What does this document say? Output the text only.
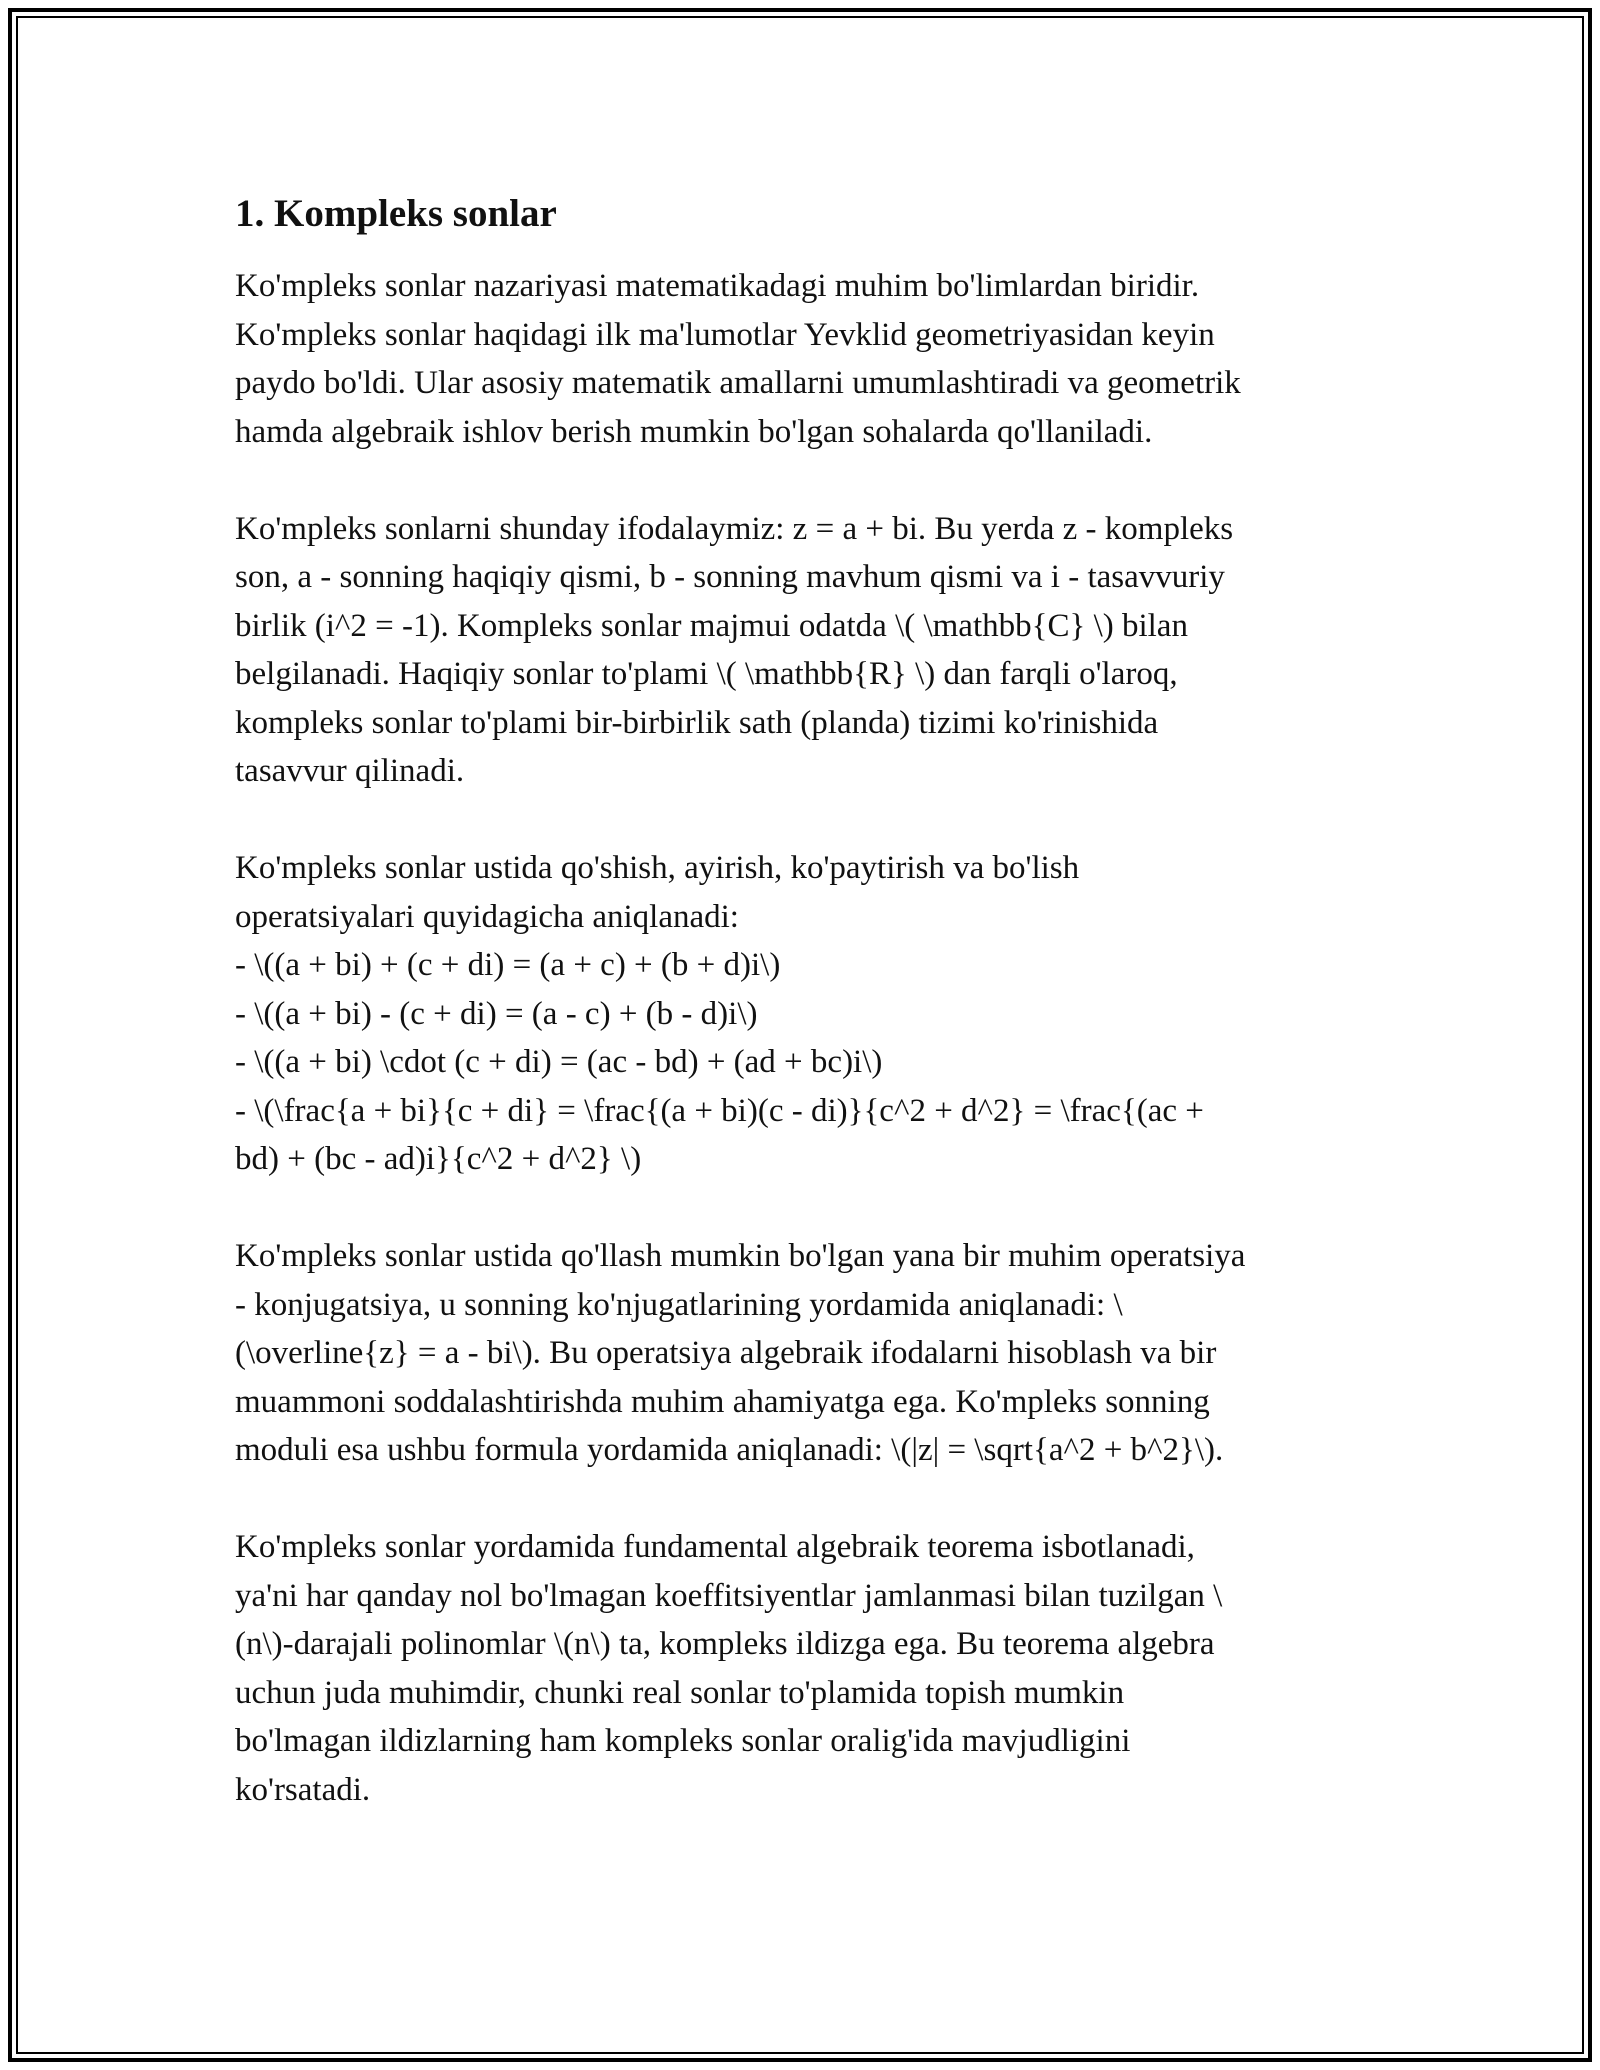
1. Kompleks sonlar
Ko'mpleks sonlar nazariyasi matematikadagi muhim bo'limlardan biridir.
Ko'mpleks sonlar haqidagi ilk ma'lumotlar Yevklid geometriyasidan keyin
paydo bo'ldi. Ular asosiy matematik amallarni umumlashtiradi va geometrik
hamda algebraik ishlov berish mumkin bo'lgan sohalarda qo'llaniladi.
Ko'mpleks sonlarni shunday ifodalaymiz: z = a + bi. Bu yerda z - kompleks
son, a - sonning haqiqiy qismi, b - sonning mavhum qismi va i - tasavvuriy
birlik (i^2 = -1). Kompleks sonlar majmui odatda \( \mathbb{C} \) bilan
belgilanadi. Haqiqiy sonlar to'plami \( \mathbb{R} \) dan farqli o'laroq,
kompleks sonlar to'plami bir-birbirlik sath (planda) tizimi ko'rinishida
tasavvur qilinadi.
Ko'mpleks sonlar ustida qo'shish, ayirish, ko'paytirish va bo'lish
operatsiyalari quyidagicha aniqlanadi:
- \((a + bi) + (c + di) = (a + c) + (b + d)i\)
- \((a + bi) - (c + di) = (a - c) + (b - d)i\)
- \((a + bi) \cdot (c + di) = (ac - bd) + (ad + bc)i\)
- \(\frac{a + bi}{c + di} = \frac{(a + bi)(c - di)}{c^2 + d^2} = \frac{(ac +
bd) + (bc - ad)i}{c^2 + d^2} \)
Ko'mpleks sonlar ustida qo'llash mumkin bo'lgan yana bir muhim operatsiya
- konjugatsiya, u sonning ko'njugatlarining yordamida aniqlanadi: \
(\overline{z} = a - bi\). Bu operatsiya algebraik ifodalarni hisoblash va bir
muammoni soddalashtirishda muhim ahamiyatga ega. Ko'mpleks sonning
moduli esa ushbu formula yordamida aniqlanadi: \(|z| = \sqrt{a^2 + b^2}\).
Ko'mpleks sonlar yordamida fundamental algebraik teorema isbotlanadi,
ya'ni har qanday nol bo'lmagan koeffitsiyentlar jamlanmasi bilan tuzilgan \
(n\)-darajali polinomlar \(n\) ta, kompleks ildizga ega. Bu teorema algebra
uchun juda muhimdir, chunki real sonlar to'plamida topish mumkin
bo'lmagan ildizlarning ham kompleks sonlar oralig'ida mavjudligini
ko'rsatadi.
